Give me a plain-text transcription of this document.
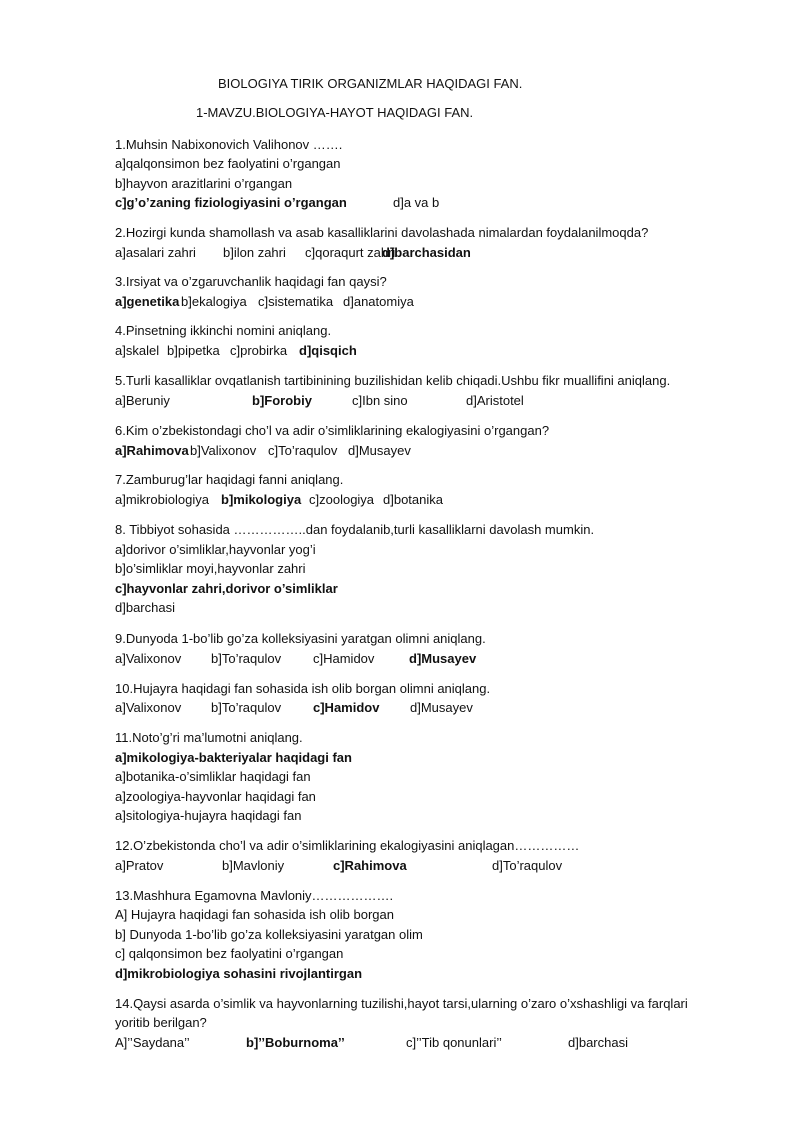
BIOLOGIYA TIRIK ORGANIZMLAR HAQIDAGI FAN.
1-MAVZU.BIOLOGIYA-HAYOT HAQIDAGI FAN.
1.Muhsin Nabixonovich Valihonov …….
a]qalqonsimon bez faolyatini o’rgangan
b]hayvon arazitlarini o’rgangan
c]g’o’zaning fiziologiyasini o’rgangan	d]a va b
2.Hozirgi kunda shamollash va asab kasalliklarini davolashada nimalardan foydalanilmoqda?
a]asalari zahri b]ilon zahri c]qoraqurt zahri
d]barchasidan
3.Irsiyat va o’zgaruvchanlik haqidagi fan qaysi?
a]genetika b]ekalogiya c]sistematika d]anatomiya
4.Pinsetning ikkinchi nomini aniqlang.
a]skalel b]pipetka c]probirka d]qisqich
5.Turli kasalliklar ovqatlanish tartibinining buzilishidan kelib chiqadi.Ushbu fikr muallifini aniqlang.
a]Beruniy	b]Forobiy	c]Ibn sino	d]Aristotel
6.Kim o’zbekistondagi cho’l va adir o’simliklarining ekalogiyasini o’rgangan?
a]Rahimova b]Valixonov c]To’raqulov d]Musayev
7.Zamburug’lar haqidagi fanni aniqlang.
a]mikrobiologiya b]mikologiya c]zoologiya d]botanika
8. Tibbiyot sohasida ……………..dan foydalanib,turli kasalliklarni davolash mumkin.
a]dorivor o’simliklar,hayvonlar yog’i
b]o’simliklar moyi,hayvonlar zahri
c]hayvonlar zahri,dorivor o’simliklar
d]barchasi
9.Dunyoda 1-bo’lib go’za kolleksiyasini yaratgan olimni aniqlang.
a]Valixonov b]To’raqulov c]Hamidov	d]Musayev
10.Hujayra haqidagi fan sohasida ish olib borgan olimni aniqlang.
a]Valixonov b]To’raqulov c]Hamidov d]Musayev
11.Noto’g’ri ma’lumotni aniqlang.
a]mikologiya-bakteriyalar haqidagi fan
a]botanika-o’simliklar haqidagi fan
a]zoologiya-hayvonlar haqidagi fan
a]sitologiya-hujayra haqidagi fan
12.O’zbekistonda cho’l va adir o’simliklarining ekalogiyasini aniqlagan……………
a]Pratov	b]Mavloniy	c]Rahimova	d]To’raqulov
13.Mashhura Egamovna Mavloniy……………….
A] Hujayra haqidagi fan sohasida ish olib borgan
b] Dunyoda 1-bo’lib go’za kolleksiyasini yaratgan olim
c] qalqonsimon bez faolyatini o’rgangan
d]mikrobiologiya sohasini rivojlantirgan
14.Qaysi asarda o’simlik va hayvonlarning tuzilishi,hayot tarsi,ularning o’zaro o’xshashligi va farqlari
yoritib berilgan?
A]’’Saydana’’	b]’’Boburnoma’’	c]’’Tib qonunlari’’	d]barchasi
